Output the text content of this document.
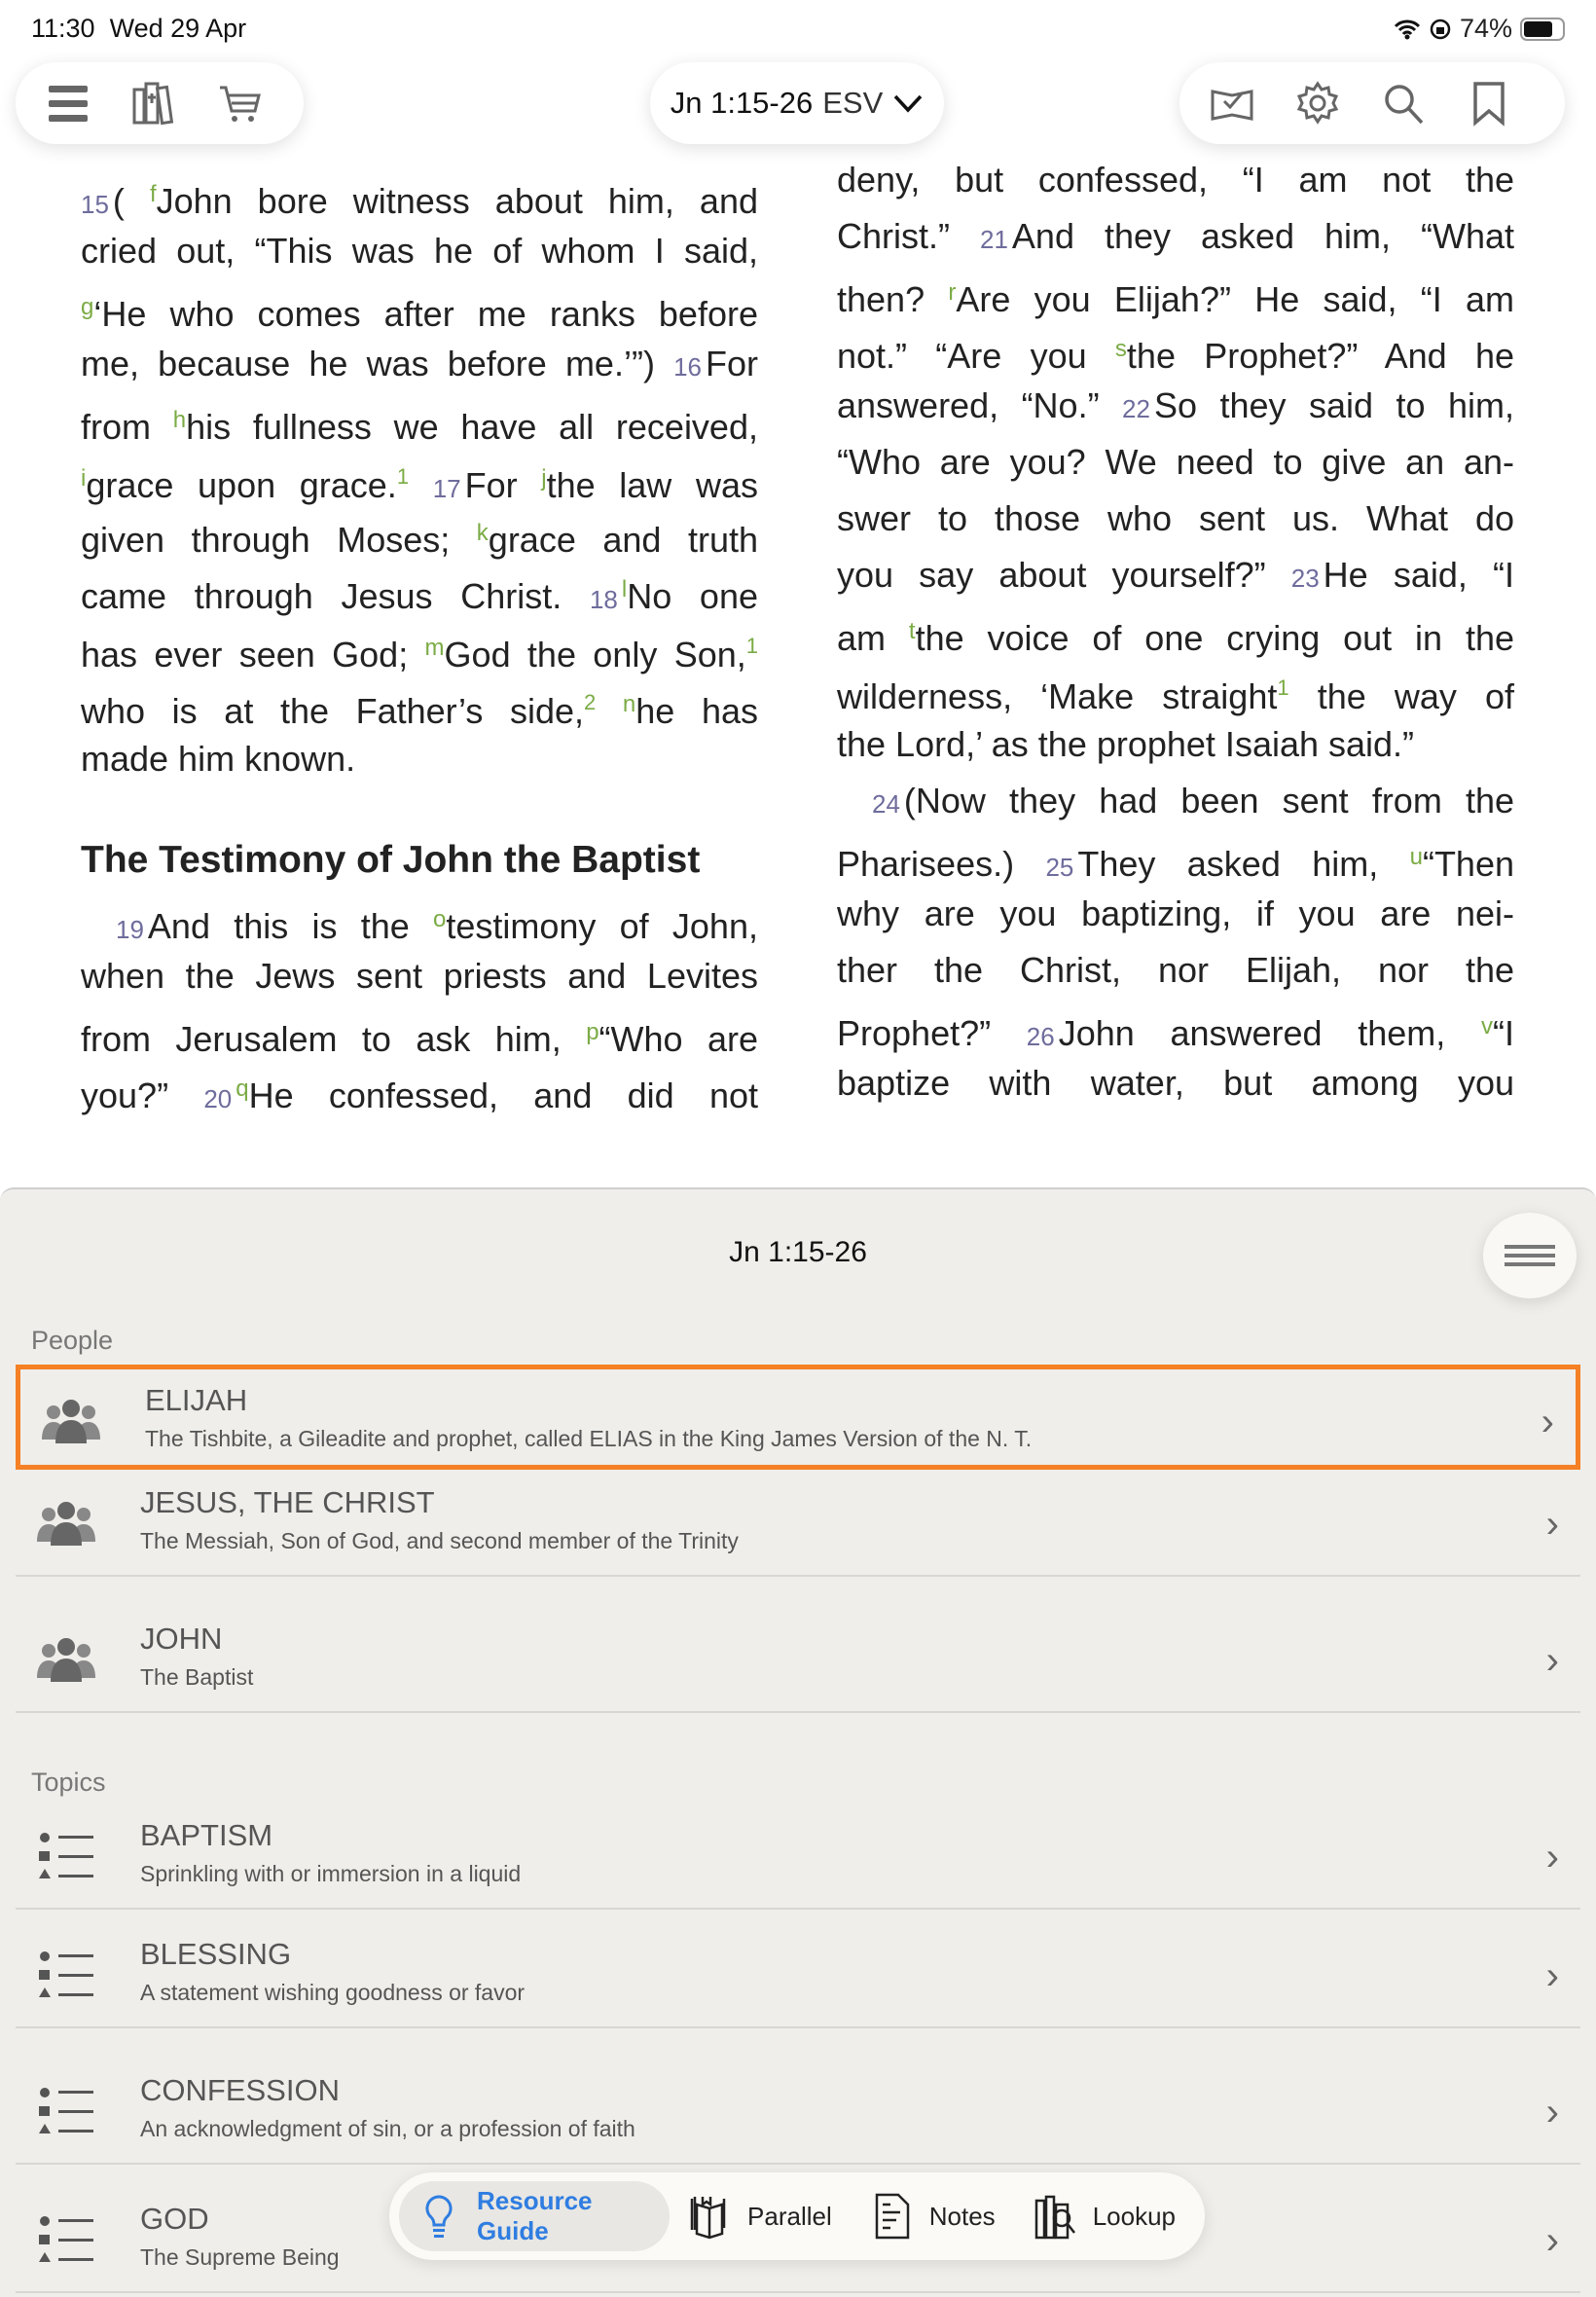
11:30 Wed 29 Apr	74%
Jn 1:15-26 ESV
15 ( $^f$John bore witness about him, and
cried out, “This was he of whom I said,
$^g$‘He who comes after me ranks before
me, because he was before me.’”) 16 For
from $^h$his fullness we have all received,
$^i$grace upon grace.$^1$ 17 For $^j$the law was
given through Moses; $^k$grace and truth
came through Jesus Christ. 18 $^l$No one
has ever seen God; $^m$God the only Son,$^1$
who is at the Father’s side,$^2$ $^n$he has
made him known.
The Testimony of John the Baptist
19 And this is the $^o$testimony of John,
when the Jews sent priests and Levites
from Jerusalem to ask him, $^p$“Who are
you?” 20 $^q$He confessed, and did not
deny, but confessed, “I am not the
Christ.” 21 And they asked him, “What
then? $^r$Are you Elijah?” He said, “I am
not.” “Are you $^s$the Prophet?” And he
answered, “No.” 22 So they said to him,
“Who are you? We need to give an an-
swer to those who sent us. What do
you say about yourself?” 23 He said, “I
am $^t$the voice of one crying out in the
wilderness, ‘Make straight$^1$ the way of
the Lord,’ as the prophet Isaiah said.”
24 (Now they had been sent from the
Pharisees.) 25 They asked him, $^u$“Then
why are you baptizing, if you are nei-
ther the Christ, nor Elijah, nor the
Prophet?” 26 John answered them, $^v$“I
baptize with water, but among you
Jn 1:15-26
People
ELIJAH
The Tishbite, a Gileadite and prophet, called ELIAS in the King James Version of the N. T.	›
JESUS, THE CHRIST
The Messiah, Son of God, and second member of the Trinity	›
JOHN
The Baptist	›
Topics
BAPTISM
Sprinkling with or immersion in a liquid	›
BLESSING
A statement wishing goodness or favor	›
CONFESSION
An acknowledgment of sin, or a profession of faith	›
GOD
The Supreme Being	›
Resource Guide
Parallel	Notes	Lookup
